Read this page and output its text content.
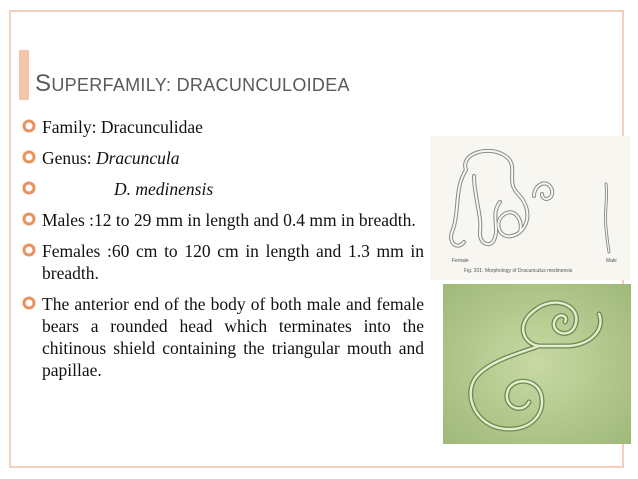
SUPERFAMILY: DRACUNCULOIDEA
Family: Dracunculidae
Genus: Dracuncula
D. medinensis
Males :12 to 29 mm in length and 0.4 mm in breadth.
Females :60 cm to 120 cm in length and 1.3 mm in breadth.
The anterior end of the body of both male and female bears a rounded head which terminates into the chitinous shield containing the triangular mouth and papillae.
Female	Male
Fig. 201: Morphology of Dracunculus medinensis
